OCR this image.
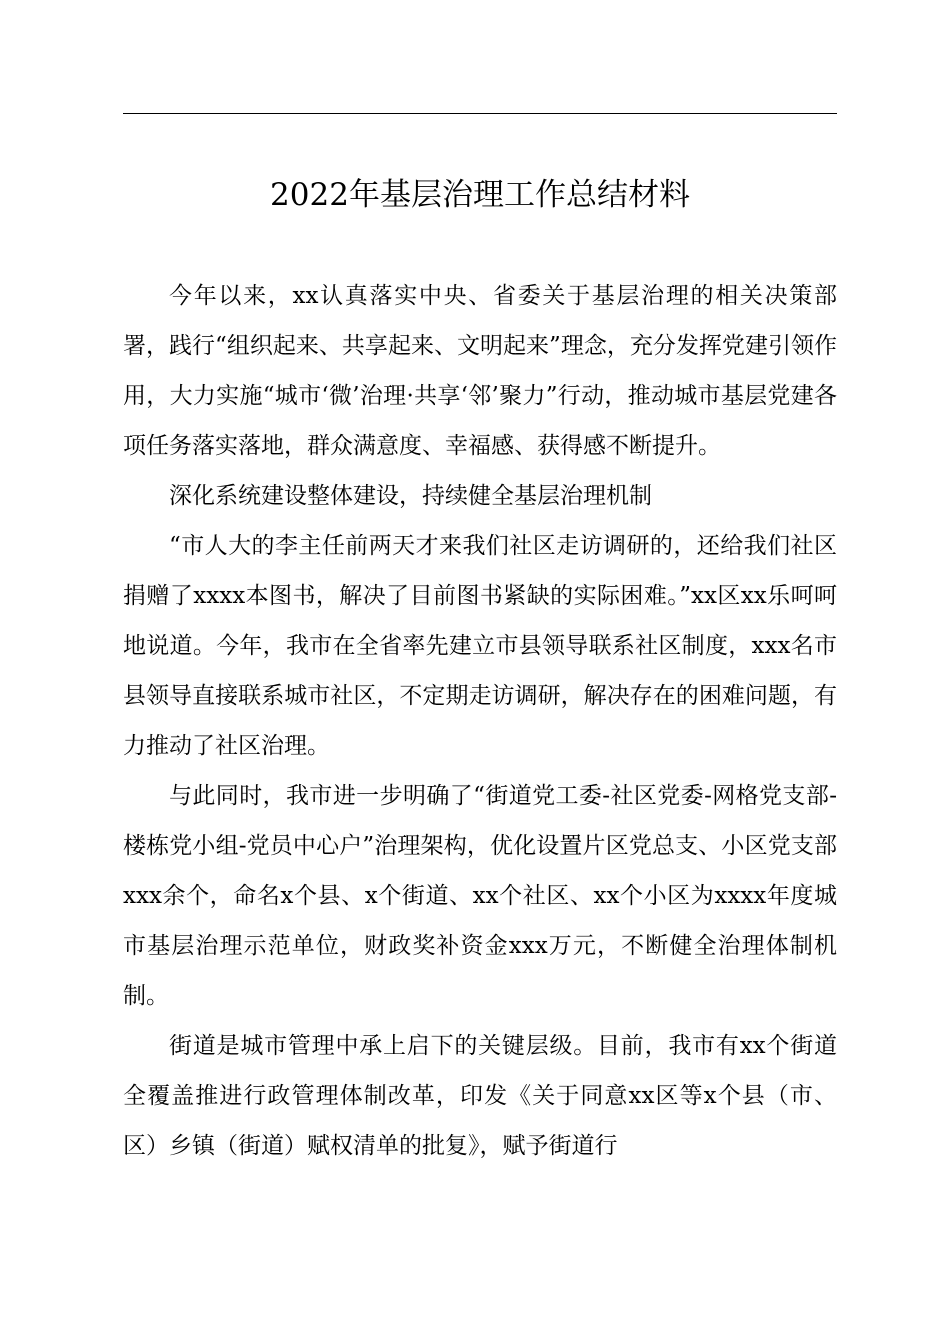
2022年基层治理工作总结材料

今年以来，xx认真落实中央、省委关于基层治理的相关决策部署，践行“组织起来、共享起来、文明起来”理念，充分发挥党建引领作用，大力实施“城市‘微’治理·共享‘邻’聚力”行动，推动城市基层党建各项任务落实落地，群众满意度、幸福感、获得感不断提升。

深化系统建设整体建设，持续健全基层治理机制

“市人大的李主任前两天才来我们社区走访调研的，还给我们社区捐赠了xxxx本图书，解决了目前图书紧缺的实际困难。”xx区xx乐呵呵地说道。今年，我市在全省率先建立市县领导联系社区制度，xxx名市县领导直接联系城市社区，不定期走访调研，解决存在的困难问题，有力推动了社区治理。

与此同时，我市进一步明确了“街道党工委-社区党委-网格党支部-楼栋党小组-党员中心户”治理架构，优化设置片区党总支、小区党支部xxx余个，命名x个县、x个街道、xx个社区、xx个小区为xxxx年度城市基层治理示范单位，财政奖补资金xxx万元，不断健全治理体制机制。

街道是城市管理中承上启下的关键层级。目前，我市有xx个街道全覆盖推进行政管理体制改革，印发《关于同意xx区等x个县（市、区）乡镇（街道）赋权清单的批复》，赋予街道行
